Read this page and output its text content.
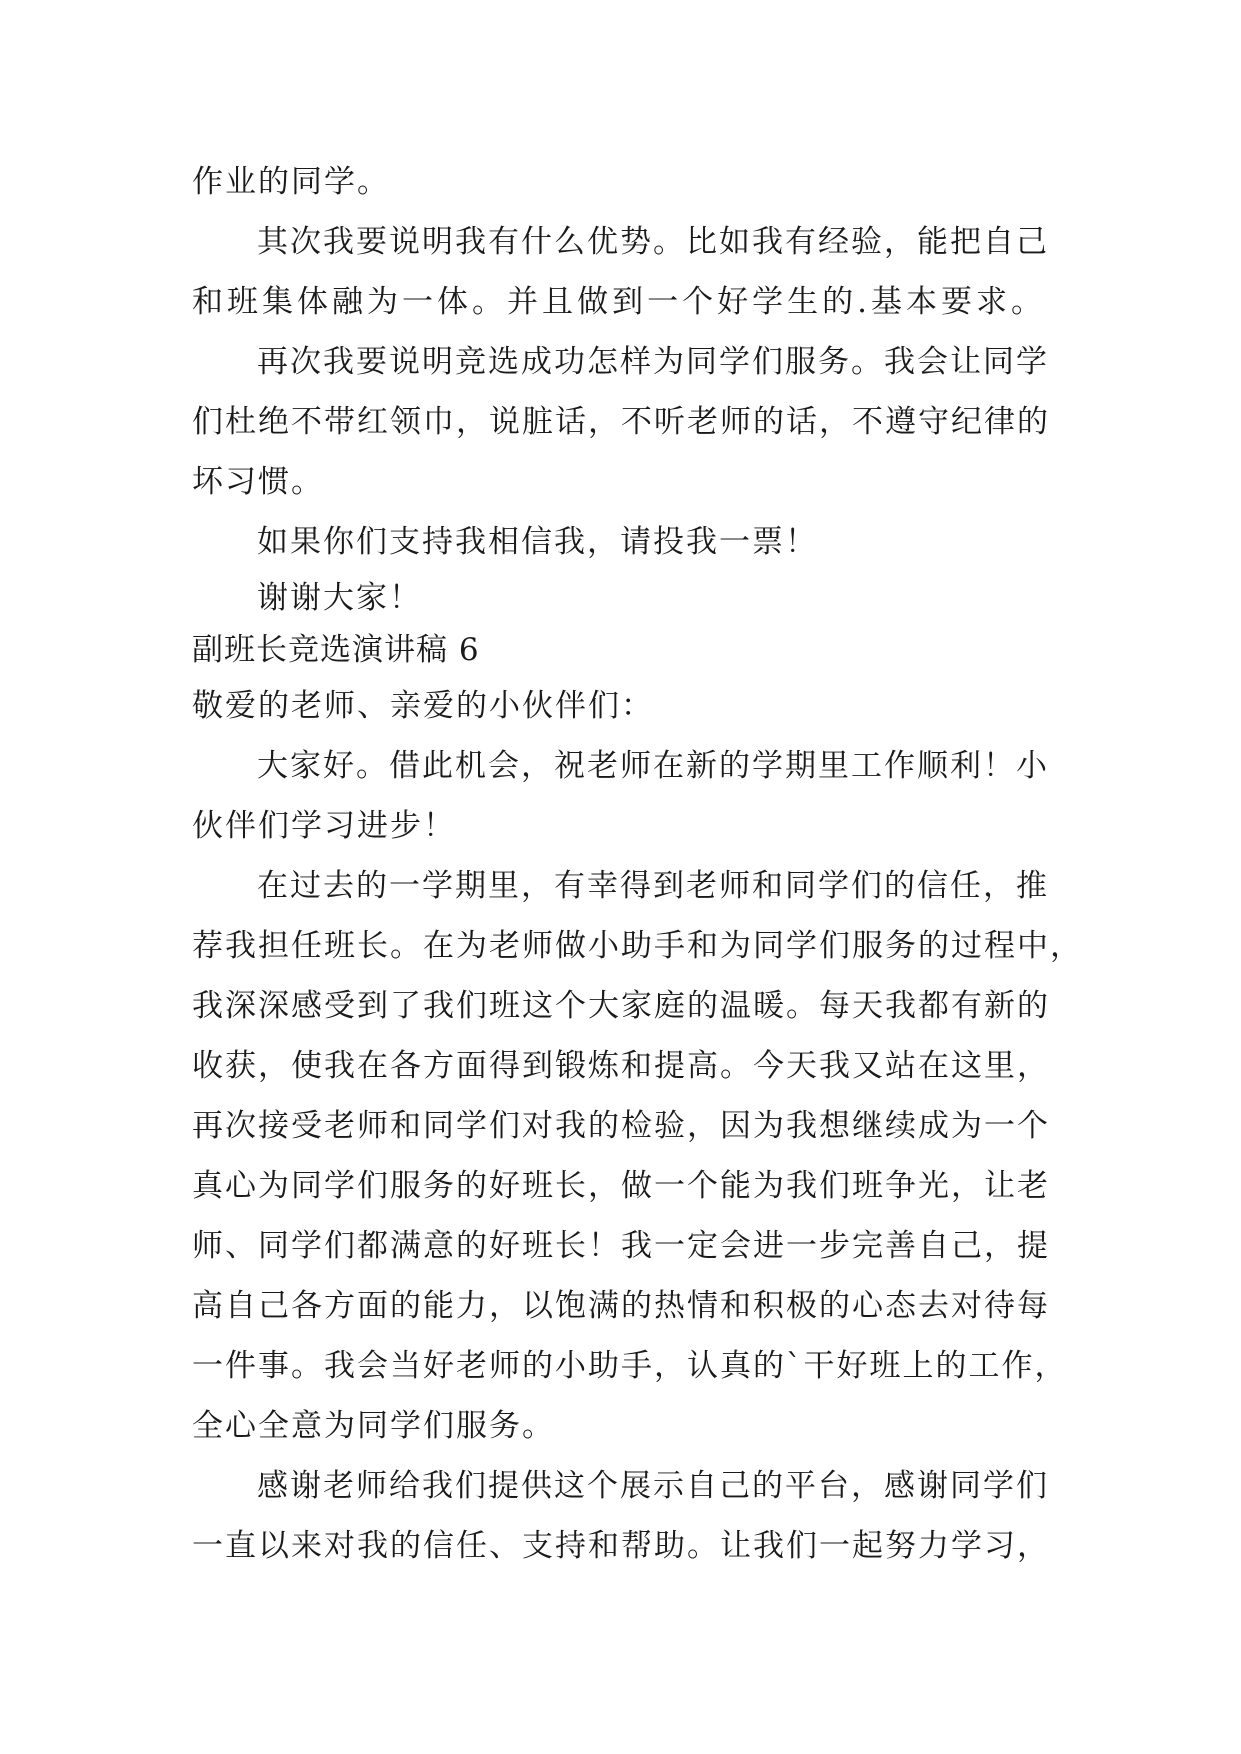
作业的同学。
其次我要说明我有什么优势。比如我有经验，能把自己
和班集体融为一体。并且做到一个好学生的.基本要求。
再次我要说明竞选成功怎样为同学们服务。我会让同学
们杜绝不带红领巾，说脏话，不听老师的话，不遵守纪律的
坏习惯。
如果你们支持我相信我，请投我一票！
谢谢大家！
副班长竞选演讲稿 6
敬爱的老师、亲爱的小伙伴们：
大家好。借此机会，祝老师在新的学期里工作顺利！小
伙伴们学习进步！
在过去的一学期里，有幸得到老师和同学们的信任，推
荐我担任班长。在为老师做小助手和为同学们服务的过程中，
我深深感受到了我们班这个大家庭的温暖。每天我都有新的
收获，使我在各方面得到锻炼和提高。今天我又站在这里，
再次接受老师和同学们对我的检验，因为我想继续成为一个
真心为同学们服务的好班长，做一个能为我们班争光，让老
师、同学们都满意的好班长！我一定会进一步完善自己，提
高自己各方面的能力，以饱满的热情和积极的心态去对待每
一件事。我会当好老师的小助手，认真的`干好班上的工作，
全心全意为同学们服务。
感谢老师给我们提供这个展示自己的平台，感谢同学们
一直以来对我的信任、支持和帮助。让我们一起努力学习，
